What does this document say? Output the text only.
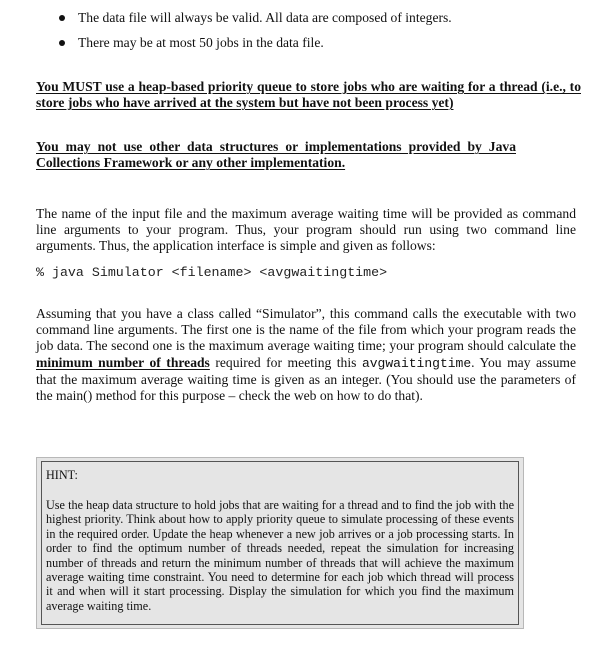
The data file will always be valid. All data are composed of integers.
There may be at most 50 jobs in the data file.
You MUST use a heap-based priority queue to store jobs who are waiting for a thread (i.e., to store jobs who have arrived at the system but have not been process yet)
You may not use other data structures or implementations provided by Java Collections Framework or any other implementation.
The name of the input file and the maximum average waiting time will be provided as command line arguments to your program. Thus, your program should run using two command line arguments. Thus, the application interface is simple and given as follows:
% java Simulator <filename> <avgwaitingtime>
Assuming that you have a class called “Simulator”, this command calls the executable with two command line arguments. The first one is the name of the file from which your program reads the job data. The second one is the maximum average waiting time; your program should calculate the minimum number of threads required for meeting this avgwaitingtime. You may assume that the maximum average waiting time is given as an integer. (You should use the parameters of the main() method for this purpose – check the web on how to do that).
HINT:
Use the heap data structure to hold jobs that are waiting for a thread and to find the job with the highest priority. Think about how to apply priority queue to simulate processing of these events in the required order. Update the heap whenever a new job arrives or a job processing starts. In order to find the optimum number of threads needed, repeat the simulation for increasing number of threads and return the minimum number of threads that will achieve the maximum average waiting time constraint. You need to determine for each job which thread will process it and when will it start processing. Display the simulation for which you find the maximum average waiting time.
